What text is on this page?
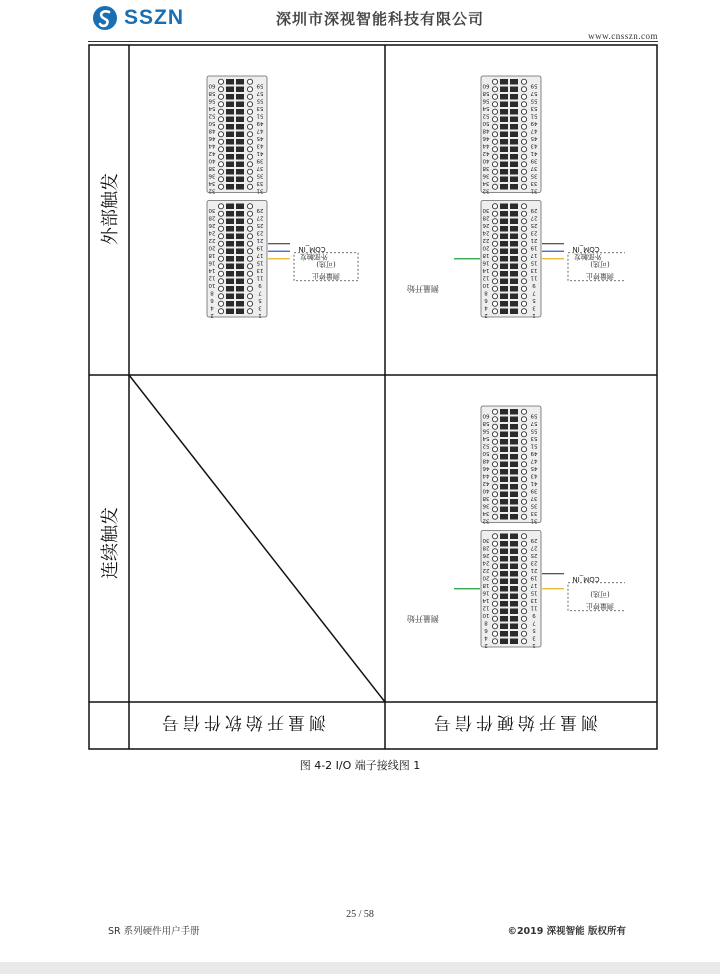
SSZN	深圳市深视智能科技有限公司
www.cnsszn.com
外部触发
连续触发
测量开始软件信号	测量开始硬件信号
60	59
58	57
56	55
54	53
52	51
50	49
48	47
46	45
44	43
42	41
40	39
38	37
36	35
34	33
32	31
30	29
28	27
26	25
24	23
22	21
20	19
18	17
16	15
14	13
12	11
10	9
8	7
6	5
4	3
2	1
COM_IN
外部触发
(可选)
测量停止
60	59
58	57
56	55
54	53
52	51
50	49
48	47
46	45
44	43
42	41
40	39
38	37
36	35
34	33
32	31
30	29
28	27
26	25
24	23
22	21
20	19
18	17
16	15
14	13
12	11
10	9
8	7
6	5
4	3
2	1
COM_IN
外部触发
(可选)
测量停止
60	59
58	57
56	55
54	53
52	51
50	49
48	47
46	45
44	43
42	41
40	39
38	37
36	35
34	33
32	31
30	29
28	27
26	25
24	23
22	21
20	19
18	17
16	15
14	13
12	11
10	9
8	7
6	5
4	3
2	1
COM_IN
(可选)
测量停止
图 4-2 I/O 端子接线图 1
25 / 58
SR 系列硬件用户手册	©2019 深视智能 版权所有
测量开始
测量开始
